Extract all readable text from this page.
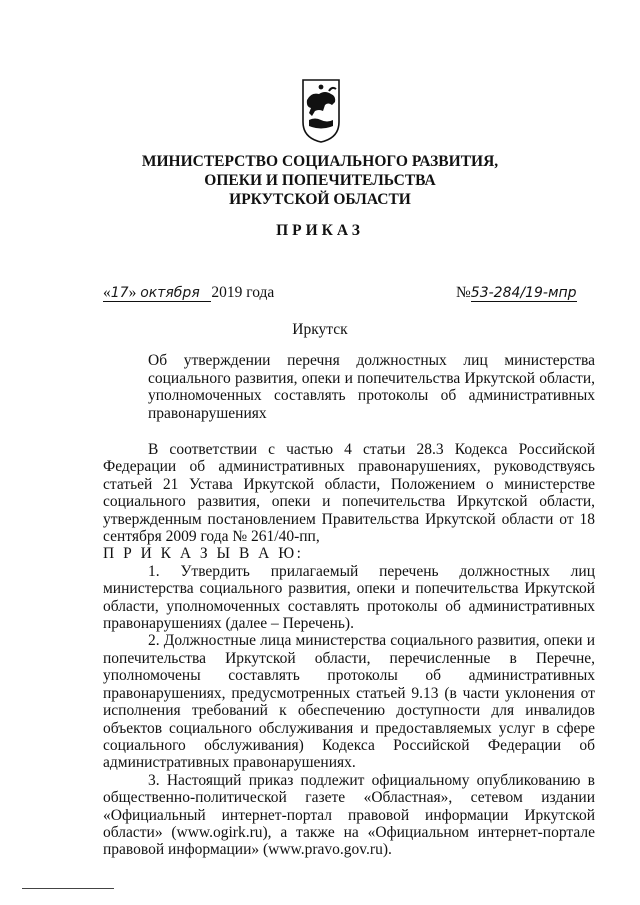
МИНИСТЕРСТВО СОЦИАЛЬНОГО РАЗВИТИЯ,
ОПЕКИ И ПОПЕЧИТЕЛЬСТВА
ИРКУТСКОЙ ОБЛАСТИ
ПРИКАЗ
«17» октября 2019 года	№53-284/19-мпр
Иркутск
Об утверждении перечня должностных лиц министерства социального развития, опеки и попечительства Иркутской области, уполномоченных составлять протоколы об административных правонарушениях

В соответствии с частью 4 статьи 28.3 Кодекса Российской Федерации об административных правонарушениях, руководствуясь статьей 21 Устава Иркутской области, Положением о министерстве социального развития, опеки и попечительства Иркутской области, утвержденным постановлением Правительства Иркутской области от 18 сентября 2009 года № 261/40-пп,

П Р И К А З Ы В А Ю:

1. Утвердить прилагаемый перечень должностных лиц министерства социального развития, опеки и попечительства Иркутской области, уполномоченных составлять протоколы об административных правонарушениях (далее – Перечень).

2. Должностные лица министерства социального развития, опеки и попечительства Иркутской области, перечисленные в Перечне, уполномочены составлять протоколы об административных правонарушениях, предусмотренных статьей 9.13 (в части уклонения от исполнения требований к обеспечению доступности для инвалидов объектов социального обслуживания и предоставляемых услуг в сфере социального обслуживания) Кодекса Российской Федерации об административных правонарушениях.

3. Настоящий приказ подлежит официальному опубликованию в общественно-политической газете «Областная», сетевом издании «Официальный интернет-портал правовой информации Иркутской области» (www.ogirk.ru), а также на «Официальном интернет-портале правовой информации» (www.pravo.gov.ru).
